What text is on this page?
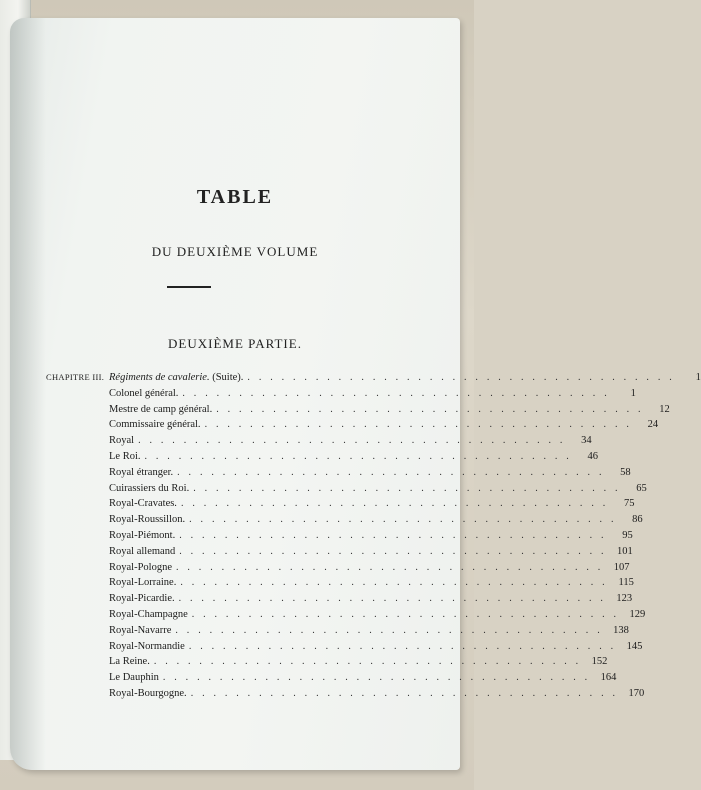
TABLE
DU DEUXIÈME VOLUME
DEUXIÈME PARTIE.
CHAPITRE III. Régiments de cavalerie. (Suite). . . . . . . . . . . . . . . . . . . . . . . . . . . . . . . . . . . . . . .	1
Colonel général. . . . . . . . . . . . . . . . . . . . . . . . . . . . . . . . . . . . . . .	1
Mestre de camp général. . . . . . . . . . . . . . . . . . . . . . . . . . . . . . . . . . . . . . .	12
Commissaire général. . . . . . . . . . . . . . . . . . . . . . . . . . . . . . . . . . . . . . .	24
Royal . . . . . . . . . . . . . . . . . . . . . . . . . . . . . . . . . . . . . .	34
Le Roi. . . . . . . . . . . . . . . . . . . . . . . . . . . . . . . . . . . . . . .	46
Royal étranger. . . . . . . . . . . . . . . . . . . . . . . . . . . . . . . . . . . . . . .	58
Cuirassiers du Roi. . . . . . . . . . . . . . . . . . . . . . . . . . . . . . . . . . . . . . .	65
Royal-Cravates. . . . . . . . . . . . . . . . . . . . . . . . . . . . . . . . . . . . . . .	75
Royal-Roussillon. . . . . . . . . . . . . . . . . . . . . . . . . . . . . . . . . . . . . . .	86
Royal-Piémont. . . . . . . . . . . . . . . . . . . . . . . . . . . . . . . . . . . . . . .	95
Royal allemand . . . . . . . . . . . . . . . . . . . . . . . . . . . . . . . . . . . . . . 101
Royal-Pologne . . . . . . . . . . . . . . . . . . . . . . . . . . . . . . . . . . . . . . 107
Royal-Lorraine. . . . . . . . . . . . . . . . . . . . . . . . . . . . . . . . . . . . . . .	115
Royal-Picardie. . . . . . . . . . . . . . . . . . . . . . . . . . . . . . . . . . . . . . . 123
Royal-Champagne . . . . . . . . . . . . . . . . . . . . . . . . . . . . . . . . . . . . . . 129
Royal-Navarre . . . . . . . . . . . . . . . . . . . . . . . . . . . . . . . . . . . . . . 138
Royal-Normandie . . . . . . . . . . . . . . . . . . . . . . . . . . . . . . . . . . . . . . 145
La Reine. . . . . . . . . . . . . . . . . . . . . . . . . . . . . . . . . . . . . . . 152
Le Dauphin . . . . . . . . . . . . . . . . . . . . . . . . . . . . . . . . . . . . . . 164
Royal-Bourgogne. . . . . . . . . . . . . . . . . . . . . . . . . . . . . . . . . . . . . . . 170
